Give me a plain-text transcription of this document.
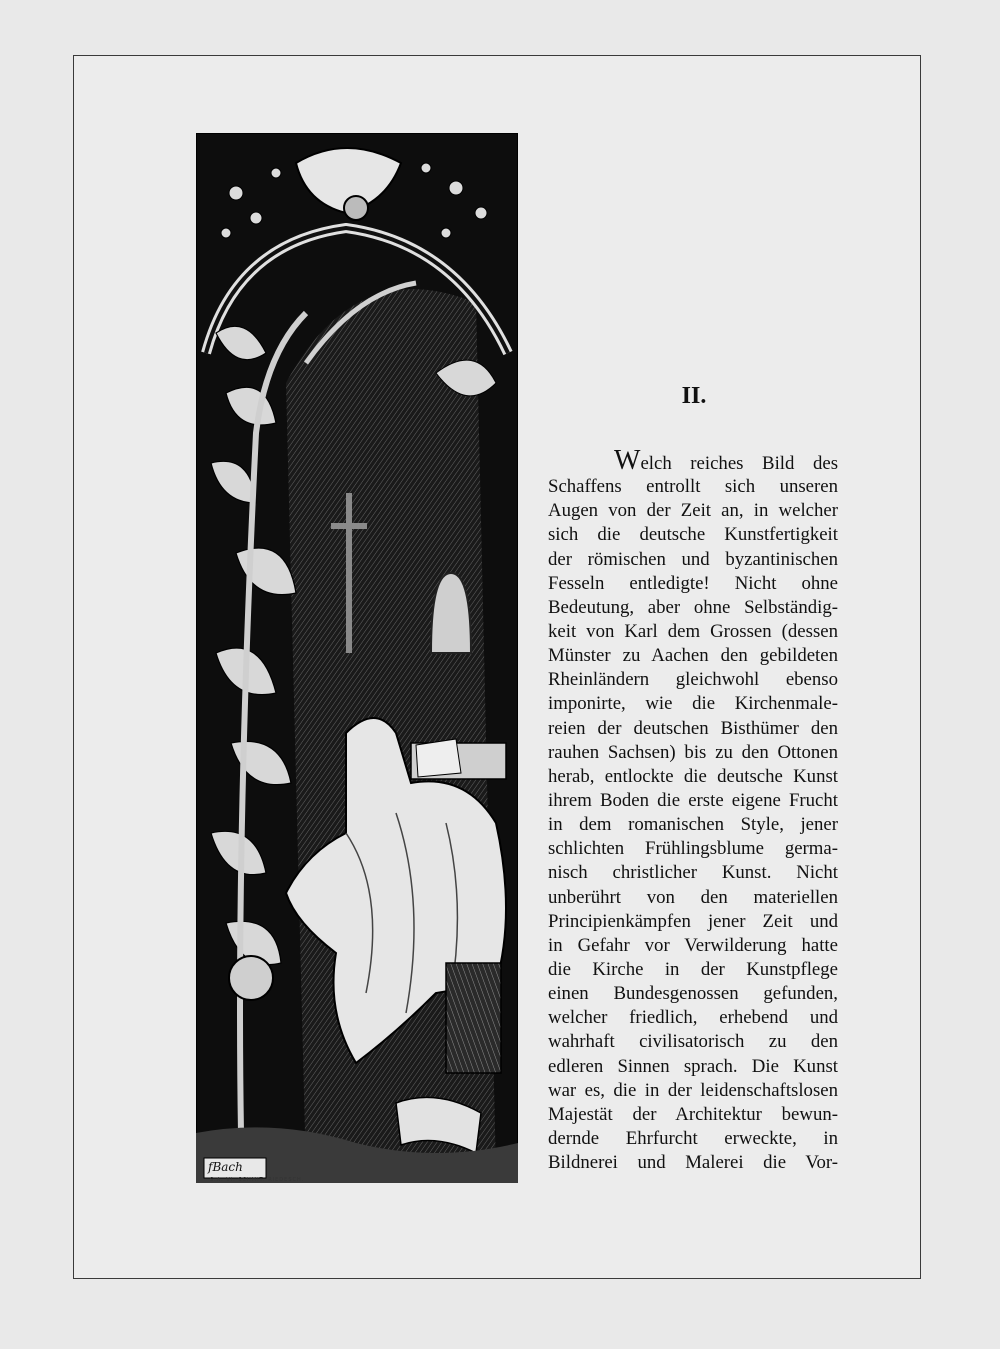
fBach
S.A. VI. SCHMIT. RIEDESCH.
II.
Welch reiches Bild des
Schaffens entrollt sich unseren
Augen von der Zeit an, in welcher
sich die deutsche Kunstfertigkeit
der römischen und byzantinischen
Fesseln entledigte! Nicht ohne
Bedeutung, aber ohne Selbständig-
keit von Karl dem Grossen (dessen
Münster zu Aachen den gebildeten
Rheinländern gleichwohl ebenso
imponirte, wie die Kirchenmale-
reien der deutschen Bisthümer den
rauhen Sachsen) bis zu den Ottonen
herab, entlockte die deutsche Kunst
ihrem Boden die erste eigene Frucht
in dem romanischen Style, jener
schlichten Frühlingsblume germa-
nisch christlicher Kunst. Nicht
unberührt von den materiellen
Principienkämpfen jener Zeit und
in Gefahr vor Verwilderung hatte
die Kirche in der Kunstpflege
einen Bundesgenossen gefunden,
welcher friedlich, erhebend und
wahrhaft civilisatorisch zu den
edleren Sinnen sprach. Die Kunst
war es, die in der leidenschaftslosen
Majestät der Architektur bewun-
dernde Ehrfurcht erweckte, in
Bildnerei und Malerei die Vor-
